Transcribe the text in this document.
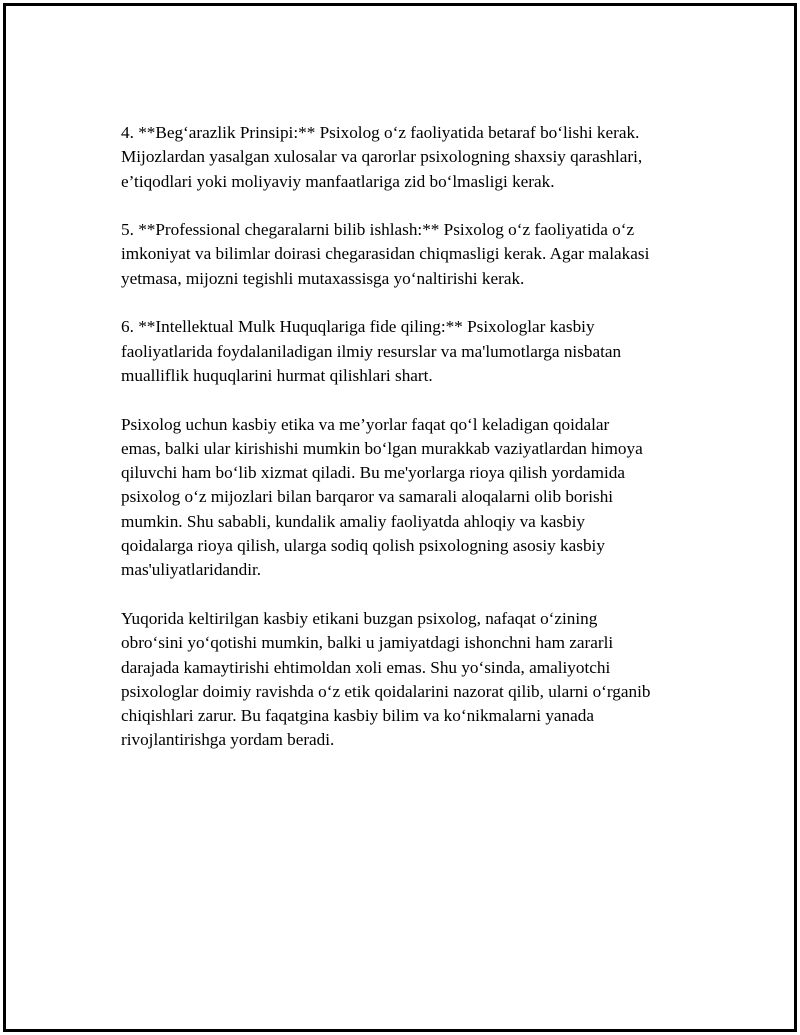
4. **Beg‘arazlik Prinsipi:** Psixolog o‘z faoliyatida betaraf bo‘lishi kerak.
Mijozlardan yasalgan xulosalar va qarorlar psixologning shaxsiy qarashlari,
e’tiqodlari yoki moliyaviy manfaatlariga zid bo‘lmasligi kerak.

5. **Professional chegaralarni bilib ishlash:** Psixolog o‘z faoliyatida o‘z
imkoniyat va bilimlar doirasi chegarasidan chiqmasligi kerak. Agar malakasi
yetmasa, mijozni tegishli mutaxassisga yo‘naltirishi kerak.

6. **Intellektual Mulk Huquqlariga fide qiling:** Psixologlar kasbiy
faoliyatlarida foydalaniladigan ilmiy resurslar va ma'lumotlarga nisbatan
mualliflik huquqlarini hurmat qilishlari shart.

Psixolog uchun kasbiy etika va me’yorlar faqat qo‘l keladigan qoidalar
emas, balki ular kirishishi mumkin bo‘lgan murakkab vaziyatlardan himoya
qiluvchi ham bo‘lib xizmat qiladi. Bu me'yorlarga rioya qilish yordamida
psixolog o‘z mijozlari bilan barqaror va samarali aloqalarni olib borishi
mumkin. Shu sababli, kundalik amaliy faoliyatda ahloqiy va kasbiy
qoidalarga rioya qilish, ularga sodiq qolish psixologning asosiy kasbiy
mas'uliyatlaridandir.

Yuqorida keltirilgan kasbiy etikani buzgan psixolog, nafaqat o‘zining
obro‘sini yo‘qotishi mumkin, balki u jamiyatdagi ishonchni ham zararli
darajada kamaytirishi ehtimoldan xoli emas. Shu yo‘sinda, amaliyotchi
psixologlar doimiy ravishda o‘z etik qoidalarini nazorat qilib, ularni o‘rganib
chiqishlari zarur. Bu faqatgina kasbiy bilim va ko‘nikmalarni yanada
rivojlantirishga yordam beradi.
